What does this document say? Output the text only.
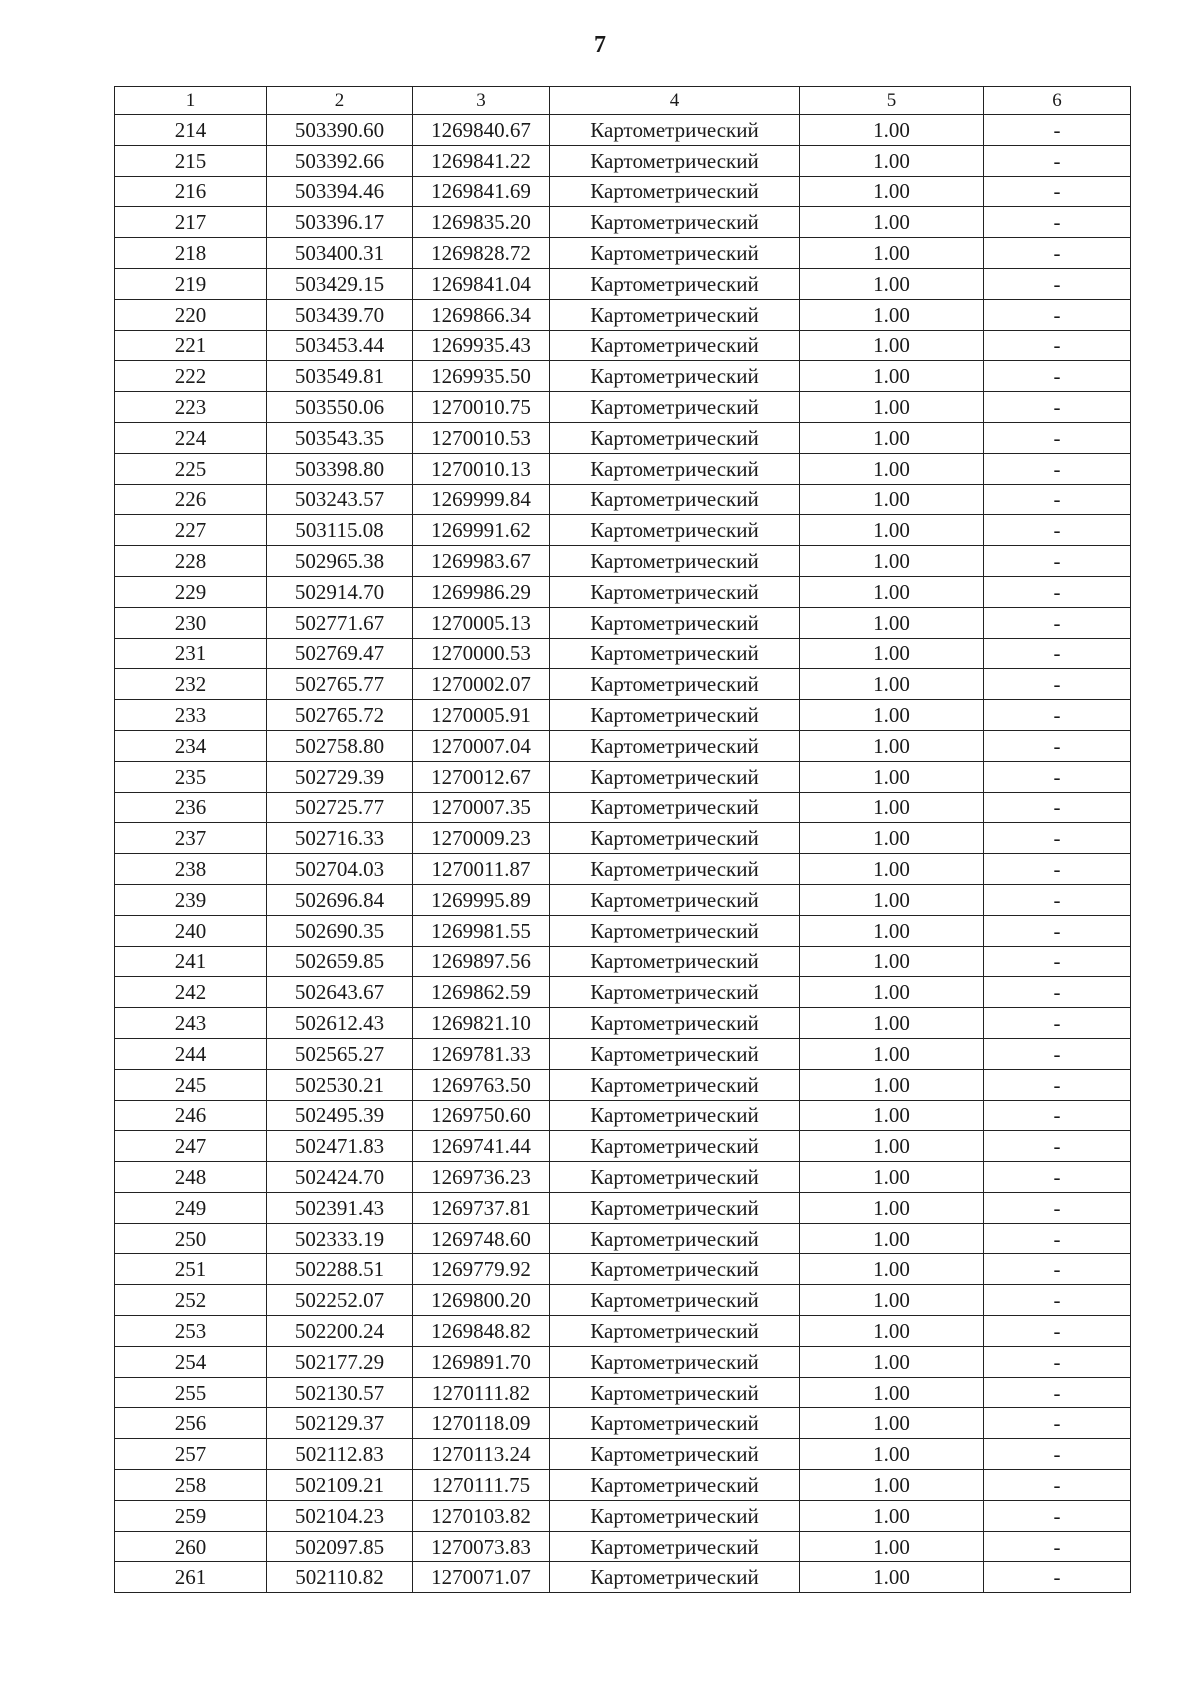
7
1	2	3	4	5	6
214	503390.60	1269840.67	Картометрический	1.00	-
215	503392.66	1269841.22	Картометрический	1.00	-
216	503394.46	1269841.69	Картометрический	1.00	-
217	503396.17	1269835.20	Картометрический	1.00	-
218	503400.31	1269828.72	Картометрический	1.00	-
219	503429.15	1269841.04	Картометрический	1.00	-
220	503439.70	1269866.34	Картометрический	1.00	-
221	503453.44	1269935.43	Картометрический	1.00	-
222	503549.81	1269935.50	Картометрический	1.00	-
223	503550.06	1270010.75	Картометрический	1.00	-
224	503543.35	1270010.53	Картометрический	1.00	-
225	503398.80	1270010.13	Картометрический	1.00	-
226	503243.57	1269999.84	Картометрический	1.00	-
227	503115.08	1269991.62	Картометрический	1.00	-
228	502965.38	1269983.67	Картометрический	1.00	-
229	502914.70	1269986.29	Картометрический	1.00	-
230	502771.67	1270005.13	Картометрический	1.00	-
231	502769.47	1270000.53	Картометрический	1.00	-
232	502765.77	1270002.07	Картометрический	1.00	-
233	502765.72	1270005.91	Картометрический	1.00	-
234	502758.80	1270007.04	Картометрический	1.00	-
235	502729.39	1270012.67	Картометрический	1.00	-
236	502725.77	1270007.35	Картометрический	1.00	-
237	502716.33	1270009.23	Картометрический	1.00	-
238	502704.03	1270011.87	Картометрический	1.00	-
239	502696.84	1269995.89	Картометрический	1.00	-
240	502690.35	1269981.55	Картометрический	1.00	-
241	502659.85	1269897.56	Картометрический	1.00	-
242	502643.67	1269862.59	Картометрический	1.00	-
243	502612.43	1269821.10	Картометрический	1.00	-
244	502565.27	1269781.33	Картометрический	1.00	-
245	502530.21	1269763.50	Картометрический	1.00	-
246	502495.39	1269750.60	Картометрический	1.00	-
247	502471.83	1269741.44	Картометрический	1.00	-
248	502424.70	1269736.23	Картометрический	1.00	-
249	502391.43	1269737.81	Картометрический	1.00	-
250	502333.19	1269748.60	Картометрический	1.00	-
251	502288.51	1269779.92	Картометрический	1.00	-
252	502252.07	1269800.20	Картометрический	1.00	-
253	502200.24	1269848.82	Картометрический	1.00	-
254	502177.29	1269891.70	Картометрический	1.00	-
255	502130.57	1270111.82	Картометрический	1.00	-
256	502129.37	1270118.09	Картометрический	1.00	-
257	502112.83	1270113.24	Картометрический	1.00	-
258	502109.21	1270111.75	Картометрический	1.00	-
259	502104.23	1270103.82	Картометрический	1.00	-
260	502097.85	1270073.83	Картометрический	1.00	-
261	502110.82	1270071.07	Картометрический	1.00	-
